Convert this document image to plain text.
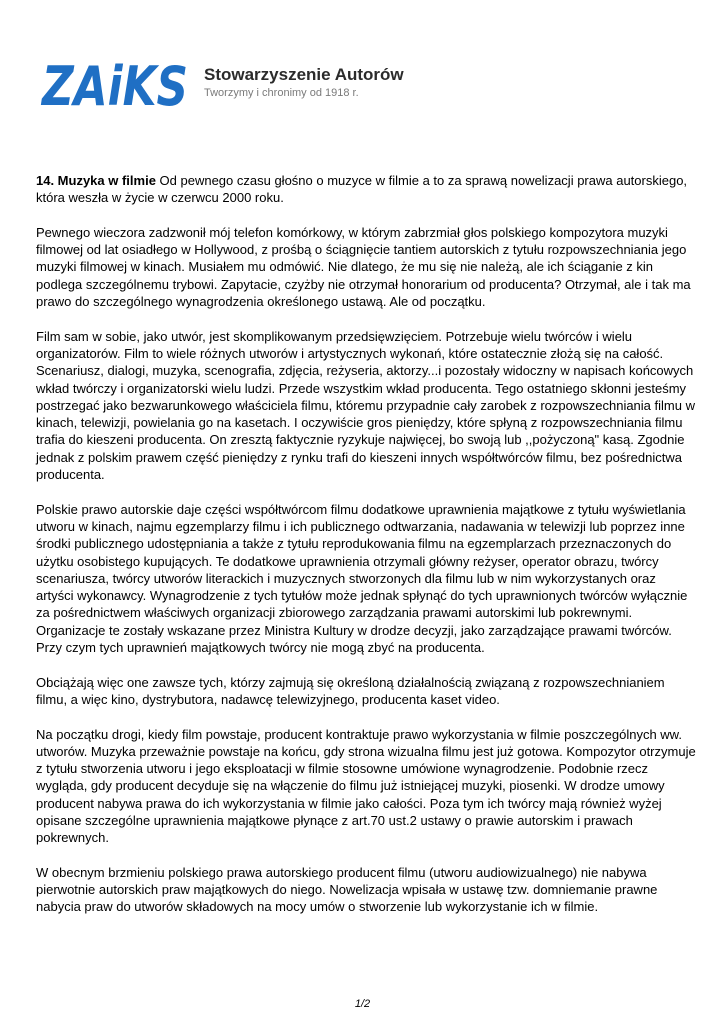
ZAiKS Stowarzyszenie Autorów
Tworzymy i chronimy od 1918 r.

14. Muzyka w filmie Od pewnego czasu głośno o muzyce w filmie a to za sprawą nowelizacji prawa autorskiego, która weszła w życie w czerwcu 2000 roku.

Pewnego wieczora zadzwonił mój telefon komórkowy, w którym zabrzmiał głos polskiego kompozytora muzyki filmowej od lat osiadłego w Hollywood, z prośbą o ściągnięcie tantiem autorskich z tytułu rozpowszechniania jego muzyki filmowej w kinach. Musiałem mu odmówić. Nie dlatego, że mu się nie należą, ale ich ściąganie z kin podlega szczególnemu trybowi. Zapytacie, czyżby nie otrzymał honorarium od producenta? Otrzymał, ale i tak ma prawo do szczególnego wynagrodzenia określonego ustawą. Ale od początku.

Film sam w sobie, jako utwór, jest skomplikowanym przedsięwzięciem. Potrzebuje wielu twórców i wielu organizatorów. Film to wiele różnych utworów i artystycznych wykonań, które ostatecznie złożą się na całość. Scenariusz, dialogi, muzyka, scenografia, zdjęcia, reżyseria, aktorzy...i pozostały widoczny w napisach końcowych wkład twórczy i organizatorski wielu ludzi. Przede wszystkim wkład producenta. Tego ostatniego skłonni jesteśmy postrzegać jako bezwarunkowego właściciela filmu, któremu przypadnie cały zarobek z rozpowszechniania filmu w kinach, telewizji, powielania go na kasetach. I oczywiście gros pieniędzy, które spłyną z rozpowszechniania filmu trafia do kieszeni producenta. On zresztą faktycznie ryzykuje najwięcej, bo swoją lub ,,pożyczoną" kasą. Zgodnie jednak z polskim prawem część pieniędzy z rynku trafi do kieszeni innych współtwórców filmu, bez pośrednictwa producenta.

Polskie prawo autorskie daje części współtwórcom filmu dodatkowe uprawnienia majątkowe z tytułu wyświetlania utworu w kinach, najmu egzemplarzy filmu i ich publicznego odtwarzania, nadawania w telewizji lub poprzez inne środki publicznego udostępniania a także z tytułu reprodukowania filmu na egzemplarzach przeznaczonych do użytku osobistego kupujących. Te dodatkowe uprawnienia otrzymali główny reżyser, operator obrazu, twórcy scenariusza, twórcy utworów literackich i muzycznych stworzonych dla filmu lub w nim wykorzystanych oraz artyści wykonawcy. Wynagrodzenie z tych tytułów może jednak spłynąć do tych uprawnionych twórców wyłącznie za pośrednictwem właściwych organizacji zbiorowego zarządzania prawami autorskimi lub pokrewnymi. Organizacje te zostały wskazane przez Ministra Kultury w drodze decyzji, jako zarządzające prawami twórców. Przy czym tych uprawnień majątkowych twórcy nie mogą zbyć na producenta.

Obciążają więc one zawsze tych, którzy zajmują się określoną działalnością związaną z rozpowszechnianiem filmu, a więc kino, dystrybutora, nadawcę telewizyjnego, producenta kaset video.

Na początku drogi, kiedy film powstaje, producent kontraktuje prawo wykorzystania w filmie poszczególnych ww. utworów. Muzyka przeważnie powstaje na końcu, gdy strona wizualna filmu jest już gotowa. Kompozytor otrzymuje z tytułu stworzenia utworu i jego eksploatacji w filmie stosowne umówione wynagrodzenie. Podobnie rzecz wygląda, gdy producent decyduje się na włączenie do filmu już istniejącej muzyki, piosenki. W drodze umowy producent nabywa prawa do ich wykorzystania w filmie jako całości. Poza tym ich twórcy mają również wyżej opisane szczególne uprawnienia majątkowe płynące z art.70 ust.2 ustawy o prawie autorskim i prawach pokrewnych.

W obecnym brzmieniu polskiego prawa autorskiego producent filmu (utworu audiowizualnego) nie nabywa pierwotnie autorskich praw majątkowych do niego. Nowelizacja wpisała w ustawę tzw. domniemanie prawne nabycia praw do utworów składowych na mocy umów o stworzenie lub wykorzystanie ich w filmie.

1/2
